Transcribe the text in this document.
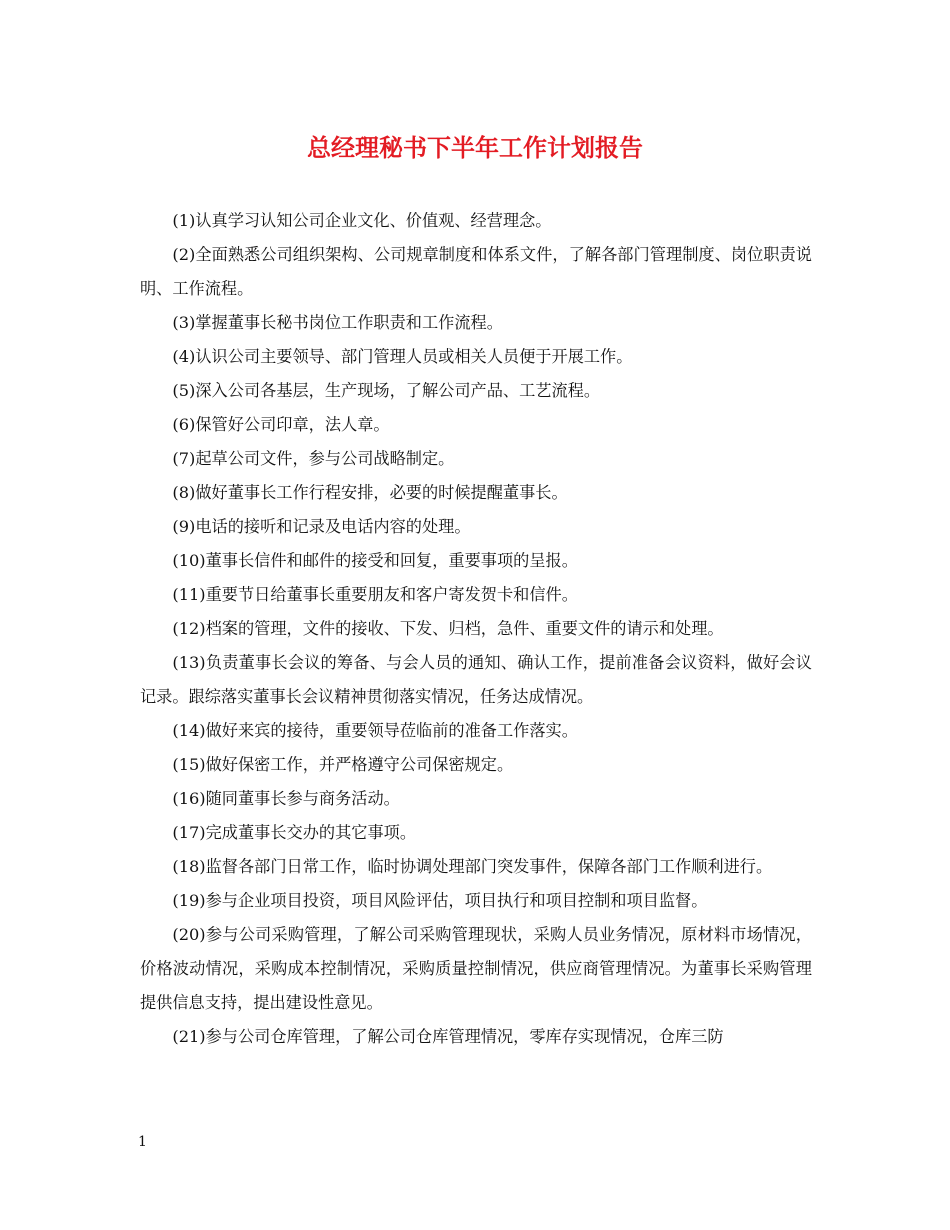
总经理秘书下半年工作计划报告

(1)认真学习认知公司企业文化、价值观、经营理念。

(2)全面熟悉公司组织架构、公司规章制度和体系文件，了解各部门管理制度、岗位职责说明、工作流程。

(3)掌握董事长秘书岗位工作职责和工作流程。

(4)认识公司主要领导、部门管理人员或相关人员便于开展工作。

(5)深入公司各基层，生产现场，了解公司产品、工艺流程。

(6)保管好公司印章，法人章。

(7)起草公司文件，参与公司战略制定。

(8)做好董事长工作行程安排，必要的时候提醒董事长。

(9)电话的接听和记录及电话内容的处理。

(10)董事长信件和邮件的接受和回复，重要事项的呈报。

(11)重要节日给董事长重要朋友和客户寄发贺卡和信件。

(12)档案的管理，文件的接收、下发、归档，急件、重要文件的请示和处理。

(13)负责董事长会议的筹备、与会人员的通知、确认工作，提前准备会议资料，做好会议记录。跟综落实董事长会议精神贯彻落实情况，任务达成情况。

(14)做好来宾的接待，重要领导莅临前的准备工作落实。

(15)做好保密工作，并严格遵守公司保密规定。

(16)随同董事长参与商务活动。

(17)完成董事长交办的其它事项。

(18)监督各部门日常工作，临时协调处理部门突发事件，保障各部门工作顺利进行。

(19)参与企业项目投资，项目风险评估，项目执行和项目控制和项目监督。

(20)参与公司采购管理，了解公司采购管理现状，采购人员业务情况，原材料市场情况，价格波动情况，采购成本控制情况，采购质量控制情况，供应商管理情况。为董事长采购管理提供信息支持，提出建设性意见。

(21)参与公司仓库管理，了解公司仓库管理情况，零库存实现情况，仓库三防

1
